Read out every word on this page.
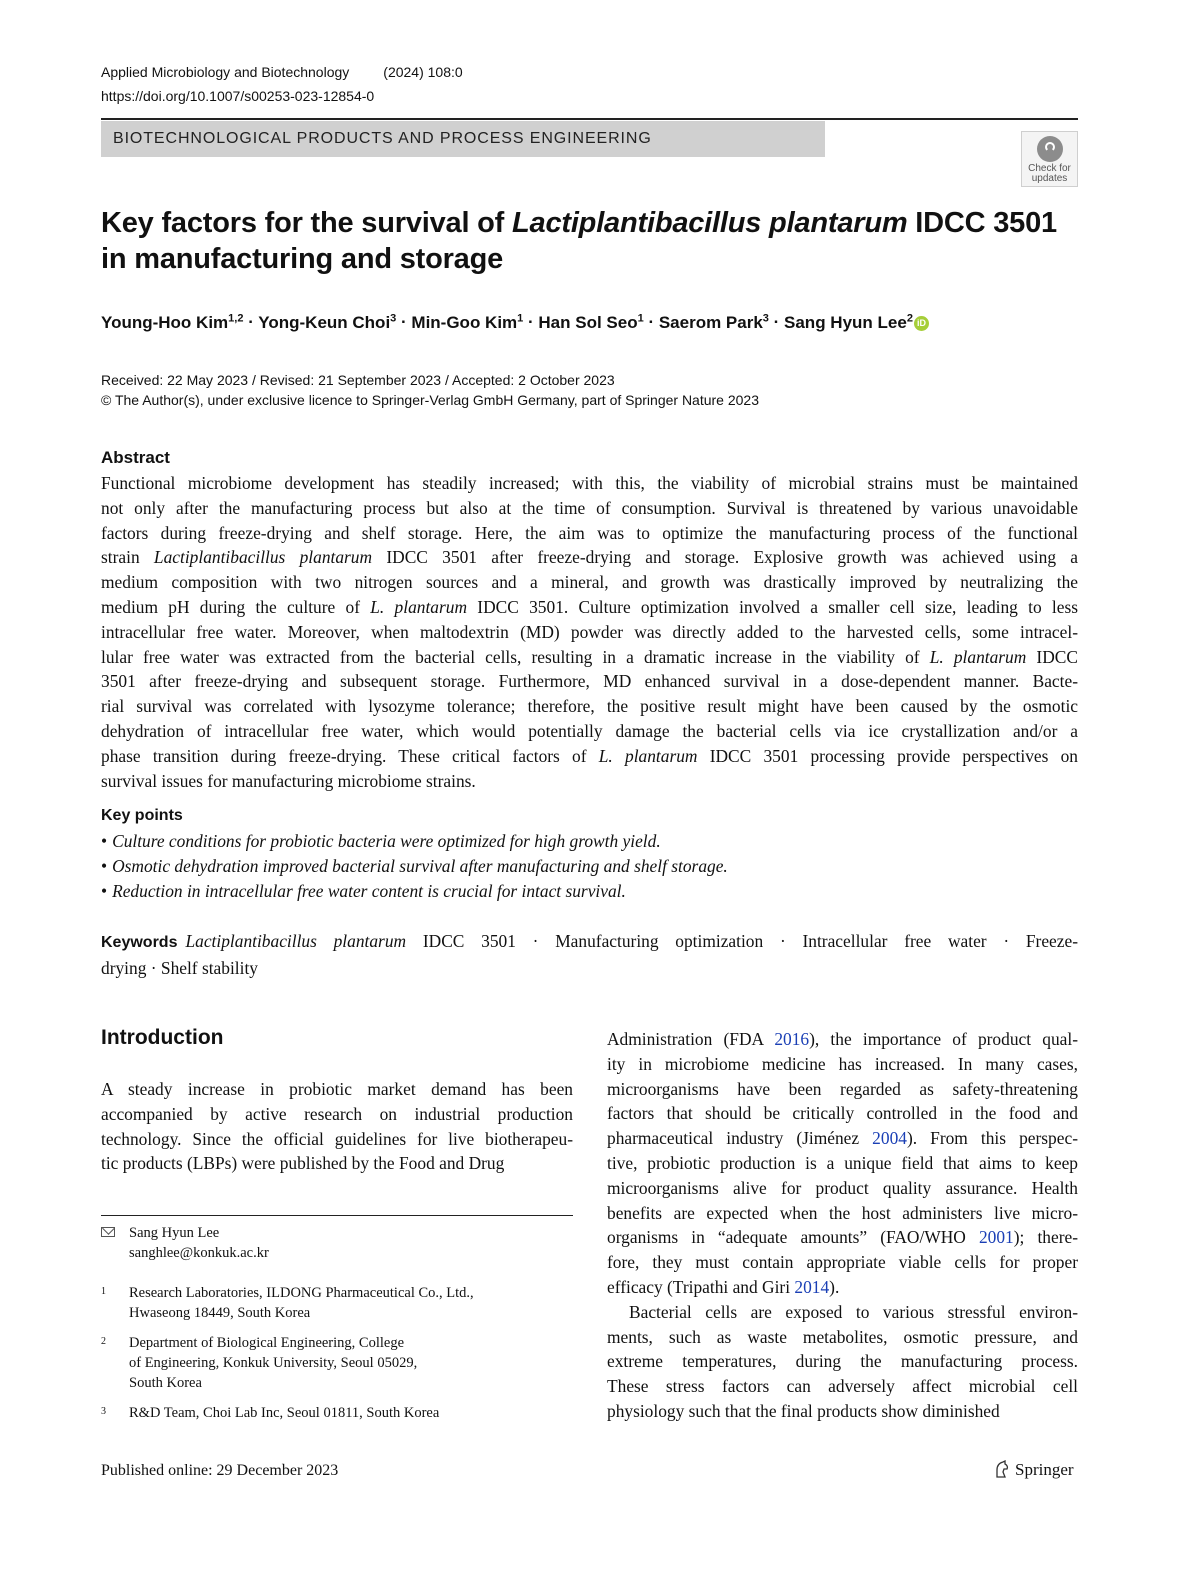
Applied Microbiology and Biotechnology (2024) 108:0
https://doi.org/10.1007/s00253-023-12854-0
BIOTECHNOLOGICAL PRODUCTS AND PROCESS ENGINEERING
Check for
updates
Key factors for the survival of Lactiplantibacillus plantarum IDCC 3501
in manufacturing and storage
Young-Hoo Kim$^{1,2}$ · Yong-Keun Choi$^3$ · Min-Goo Kim$^1$ · Han Sol Seo$^1$ · Saerom Park$^3$ · Sang Hyun Lee$^2$ iD
Received: 22 May 2023 / Revised: 21 September 2023 / Accepted: 2 October 2023
© The Author(s), under exclusive licence to Springer-Verlag GmbH Germany, part of Springer Nature 2023
Abstract
Functional microbiome development has steadily increased; with this, the viability of microbial strains must be maintained
not only after the manufacturing process but also at the time of consumption. Survival is threatened by various unavoidable
factors during freeze-drying and shelf storage. Here, the aim was to optimize the manufacturing process of the functional
strain Lactiplantibacillus plantarum IDCC 3501 after freeze-drying and storage. Explosive growth was achieved using a
medium composition with two nitrogen sources and a mineral, and growth was drastically improved by neutralizing the
medium pH during the culture of L. plantarum IDCC 3501. Culture optimization involved a smaller cell size, leading to less
intracellular free water. Moreover, when maltodextrin (MD) powder was directly added to the harvested cells, some intracel-
lular free water was extracted from the bacterial cells, resulting in a dramatic increase in the viability of L. plantarum IDCC
3501 after freeze-drying and subsequent storage. Furthermore, MD enhanced survival in a dose-dependent manner. Bacte-
rial survival was correlated with lysozyme tolerance; therefore, the positive result might have been caused by the osmotic
dehydration of intracellular free water, which would potentially damage the bacterial cells via ice crystallization and/or a
phase transition during freeze-drying. These critical factors of L. plantarum IDCC 3501 processing provide perspectives on
survival issues for manufacturing microbiome strains.
Key points
• Culture conditions for probiotic bacteria were optimized for high growth yield.
• Osmotic dehydration improved bacterial survival after manufacturing and shelf storage.
• Reduction in intracellular free water content is crucial for intact survival.
Keywords Lactiplantibacillus plantarum IDCC 3501 · Manufacturing optimization · Intracellular free water · Freeze-
drying · Shelf stability
Introduction
A steady increase in probiotic market demand has been
accompanied by active research on industrial production
technology. Since the official guidelines for live biotherapeu-
tic products (LBPs) were published by the Food and Drug
Administration (FDA 2016), the importance of product qual-
ity in microbiome medicine has increased. In many cases,
microorganisms have been regarded as safety-threatening
factors that should be critically controlled in the food and
pharmaceutical industry (Jiménez 2004). From this perspec-
tive, probiotic production is a unique field that aims to keep
microorganisms alive for product quality assurance. Health
benefits are expected when the host administers live micro-
organisms in “adequate amounts” (FAO/WHO 2001); there-
fore, they must contain appropriate viable cells for proper
efficacy (Tripathi and Giri 2014).
Bacterial cells are exposed to various stressful environ-
ments, such as waste metabolites, osmotic pressure, and
extreme temperatures, during the manufacturing process.
These stress factors can adversely affect microbial cell
physiology such that the final products show diminished
Sang Hyun Lee
sanghlee@konkuk.ac.kr
1 Research Laboratories, ILDONG Pharmaceutical Co., Ltd.,
Hwaseong 18449, South Korea
2 Department of Biological Engineering, College
of Engineering, Konkuk University, Seoul 05029,
South Korea
3 R&D Team, Choi Lab Inc, Seoul 01811, South Korea
Published online: 29 December 2023	Springer
